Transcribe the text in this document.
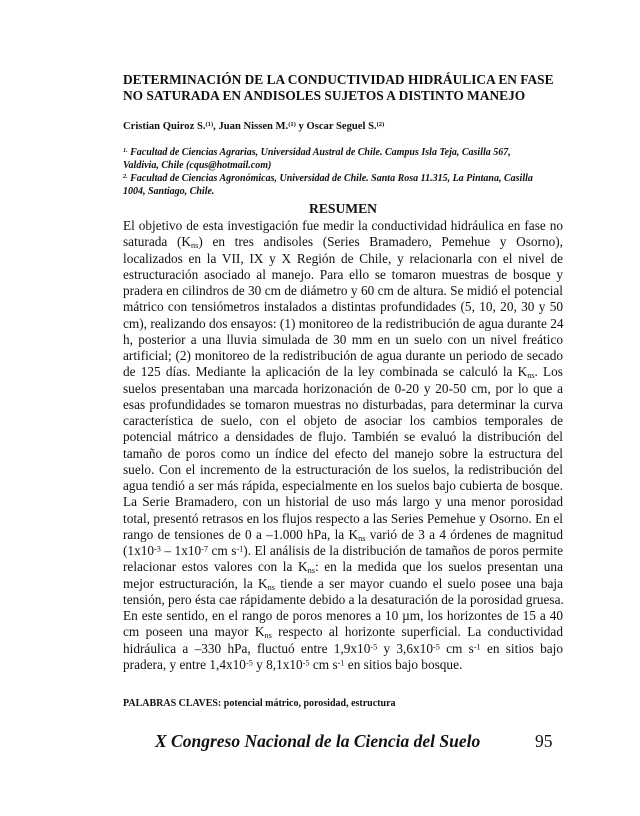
DETERMINACIÓN DE LA CONDUCTIVIDAD HIDRÁULICA EN FASE
NO SATURADA EN ANDISOLES SUJETOS A DISTINTO MANEJO
Cristian Quiroz S.$^{(1)}$, Juan Nissen M.$^{(1)}$ y Oscar Seguel S.$^{(2)}$
$^{1.}$ Facultad de Ciencias Agrarias, Universidad Austral de Chile. Campus Isla Teja, Casilla 567,
Valdivia, Chile (cqus@hotmail.com)
$^{2.}$ Facultad de Ciencias Agronómicas, Universidad de Chile. Santa Rosa 11.315, La Pintana, Casilla
1004, Santiago, Chile.
RESUMEN
El objetivo de esta investigación fue medir la conductividad hidráulica en fase no
saturada $(K_{ns})$ en tres andisoles (Series Bramadero, Pemehue y Osorno),
localizados en la VII, IX y X Región de Chile, y relacionarla con el nivel de
estructuración asociado al manejo. Para ello se tomaron muestras de bosque y
pradera en cilindros de 30 cm de diámetro y 60 cm de altura. Se midió el potencial
mátrico con tensiómetros instalados a distintas profundidades (5, 10, 20, 30 y 50
cm), realizando dos ensayos: (1) monitoreo de la redistribución de agua durante 24
h, posterior a una lluvia simulada de 30 mm en un suelo con un nivel freático
artificial; (2) monitoreo de la redistribución de agua durante un periodo de secado
de 125 días. Mediante la aplicación de la ley combinada se calculó la $K_{ns}$. Los
suelos presentaban una marcada horizonación de 0-20 y 20-50 cm, por lo que a
esas profundidades se tomaron muestras no disturbadas, para determinar la curva
característica de suelo, con el objeto de asociar los cambios temporales de
potencial mátrico a densidades de flujo. También se evaluó la distribución del
tamaño de poros como un índice del efecto del manejo sobre la estructura del
suelo. Con el incremento de la estructuración de los suelos, la redistribución del
agua tendió a ser más rápida, especialmente en los suelos bajo cubierta de bosque.
La Serie Bramadero, con un historial de uso más largo y una menor porosidad
total, presentó retrasos en los flujos respecto a las Series Pemehue y Osorno. En el
rango de tensiones de 0 a –1.000 hPa, la $K_{ns}$ varió de 3 a 4 órdenes de magnitud
($1x10^{-3} - 1x10^{-7}$ cm $s^{-1}$). El análisis de la distribución de tamaños de poros permite
relacionar estos valores con la $K_{ns}$: en la medida que los suelos presentan una
mejor estructuración, la $K_{ns}$ tiende a ser mayor cuando el suelo posee una baja
tensión, pero ésta cae rápidamente debido a la desaturación de la porosidad gruesa.
En este sentido, en el rango de poros menores a 10 µm, los horizontes de 15 a 40
cm poseen una mayor $K_{ns}$ respecto al horizonte superficial. La conductividad
hidráulica a –330 hPa, fluctuó entre $1,9x10^{-5}$ y $3,6x10^{-5}$ cm $s^{-1}$ en sitios bajo
pradera, y entre $1,4x10^{-5}$ y $8,1x10^{-5}$ cm $s^{-1}$ en sitios bajo bosque.
PALABRAS CLAVES: potencial mátrico, porosidad, estructura
X Congreso Nacional de la Ciencia del Suelo	95
